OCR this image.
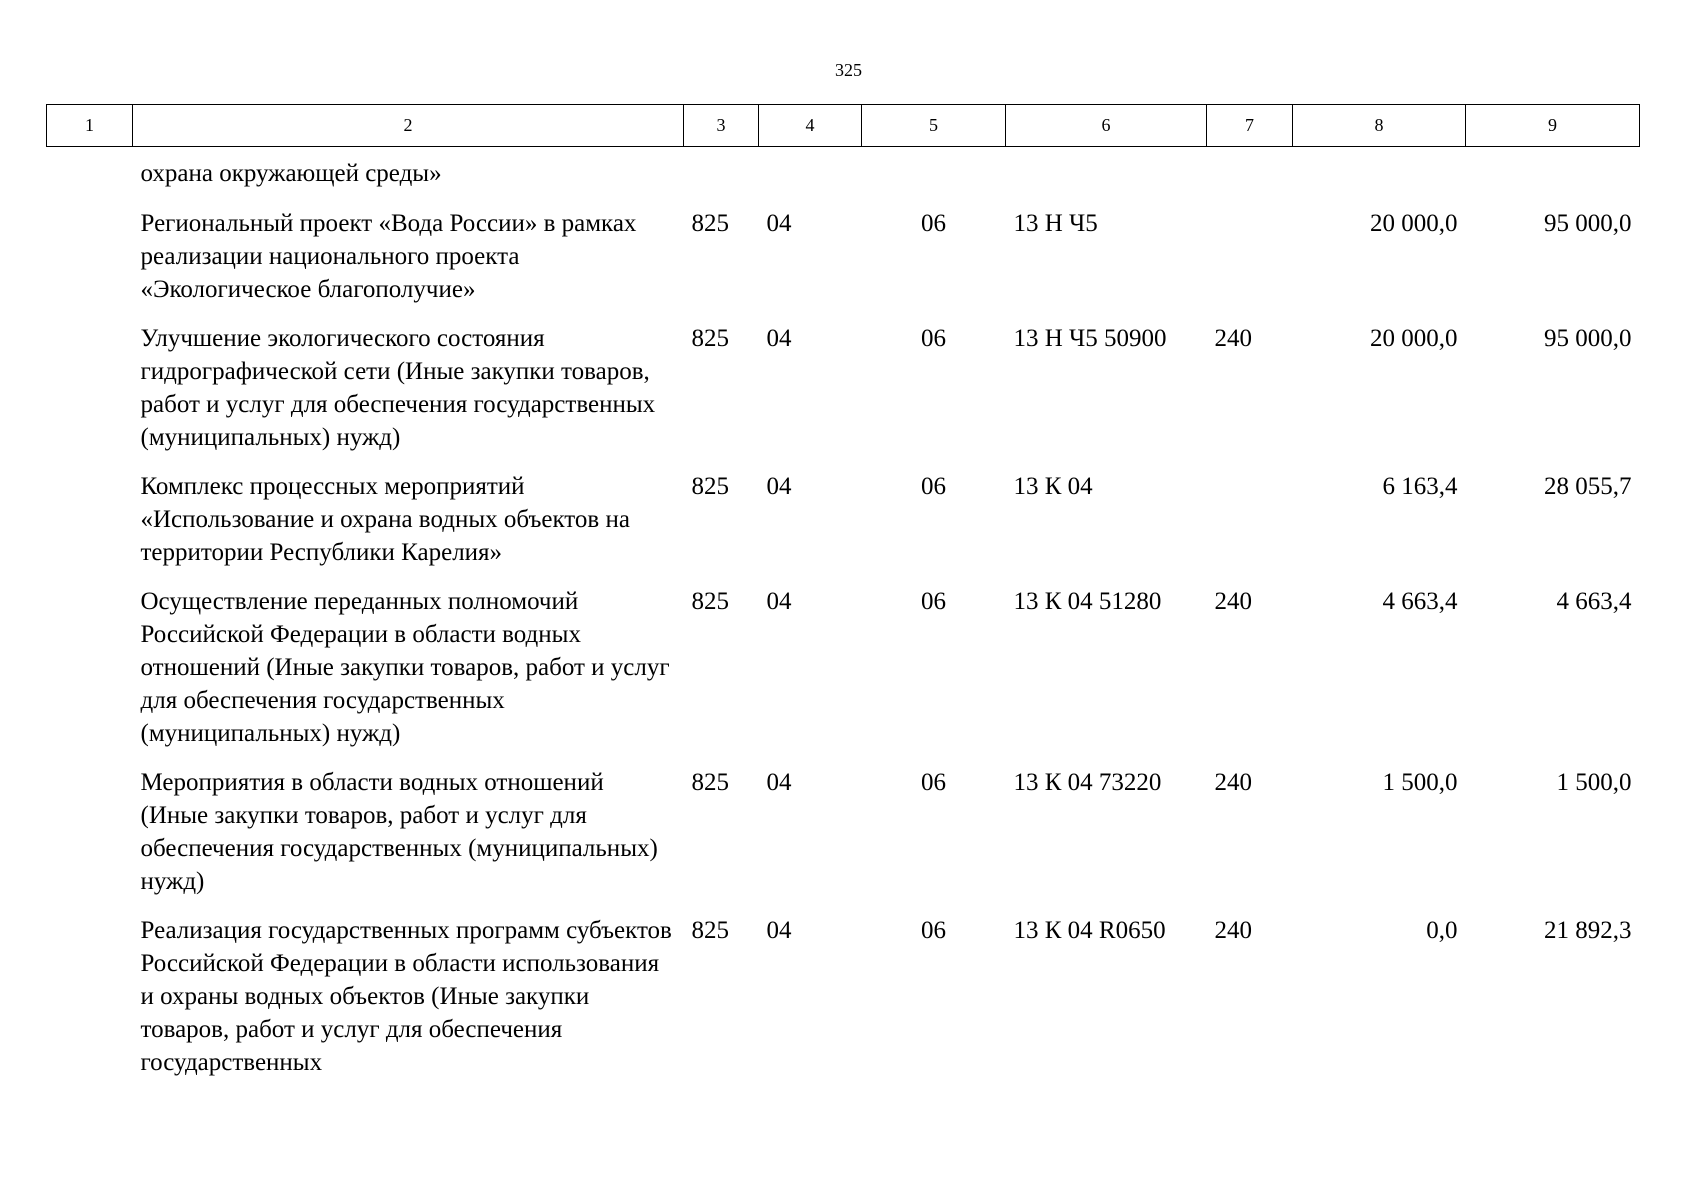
325
1	2	3	4	5	6	7	8	9
	охрана окружающей среды»							
	Региональный проект «Вода России» в рамках реализации национального проекта «Экологическое благополучие»	825	04	06	13 Н Ч5		20 000,0	95 000,0
	Улучшение экологического состояния гидрографической сети (Иные закупки товаров, работ и услуг для обеспечения государственных (муниципальных) нужд)	825	04	06	13 Н Ч5 50900	240	20 000,0	95 000,0
	Комплекс процессных мероприятий «Использование и охрана водных объектов на территории Республики Карелия»	825	04	06	13 К 04		6 163,4	28 055,7
	Осуществление переданных полномочий Российской Федерации в области водных отношений (Иные закупки товаров, работ и услуг для обеспечения государственных (муниципальных) нужд)	825	04	06	13 К 04 51280	240	4 663,4	4 663,4
	Мероприятия в области водных отношений (Иные закупки товаров, работ и услуг для обеспечения государственных (муниципальных) нужд)	825	04	06	13 К 04 73220	240	1 500,0	1 500,0
	Реализация государственных программ субъектов Российской Федерации в области использования и охраны водных объектов (Иные закупки товаров, работ и услуг для обеспечения государственных	825	04	06	13 К 04 R0650	240	0,0	21 892,3
